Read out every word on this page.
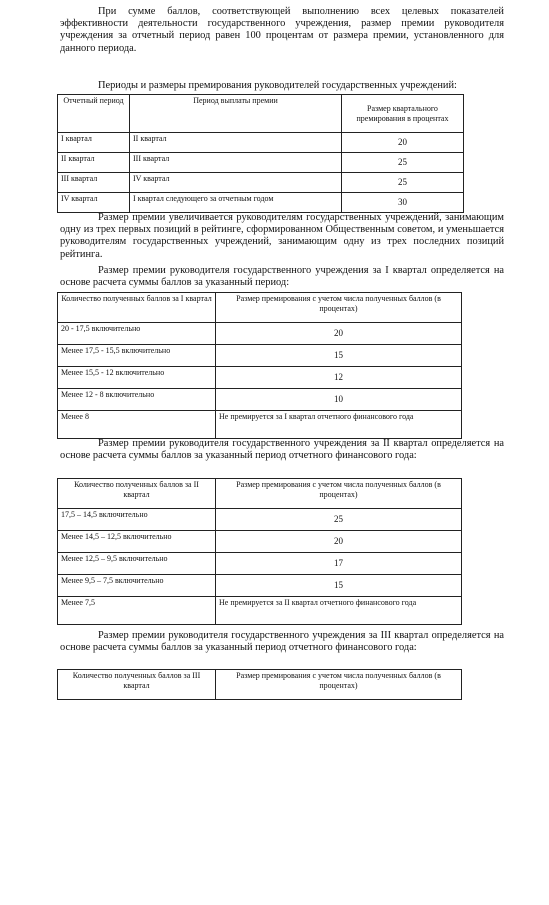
При сумме баллов, соответствующей выполнению всех целевых показателей эффективности деятельности государственного учреждения, размер премии руководителя учреждения за отчетный период равен 100 процентам от размера премии, установленного для данного периода.

Периоды и размеры премирования руководителей государственных учреждений:

Отчетный период	Период выплаты премии	Размер квартального премирования в процентах
I квартал	II квартал	20
II квартал	III квартал	25
III квартал	IV квартал	25
IV квартал	I квартал следующего за отчетным годом	30

Размер премии увеличивается руководителям государственных учреждений, занимающим одну из трех первых позиций в рейтинге, сформированном Общественным советом, и уменьшается руководителям государственных учреждений, занимающим одну из трех последних позиций рейтинга.

Размер премии руководителя государственного учреждения за I квартал определяется на основе расчета суммы баллов за указанный период:

Количество полученных баллов за I квартал	Размер премирования с учетом числа полученных баллов (в процентах)
20 - 17,5 включительно	20
Менее 17,5 - 15,5 включительно	15
Менее 15,5 - 12 включительно	12
Менее 12 - 8 включительно	10
Менее 8	Не премируется за I квартал отчетного финансового года

Размер премии руководителя государственного учреждения за II квартал определяется на основе расчета суммы баллов за указанный период отчетного финансового года:

Количество полученных баллов за II квартал	Размер премирования с учетом числа полученных баллов (в процентах)
17,5 – 14,5 включительно	25
Менее 14,5 – 12,5 включительно	20
Менее 12,5 – 9,5 включительно	17
Менее 9,5 – 7,5 включительно	15
Менее 7,5	Не премируется за II квартал отчетного финансового года

Размер премии руководителя государственного учреждения за III квартал определяется на основе расчета суммы баллов за указанный период отчетного финансового года:

Количество полученных баллов за III квартал	Размер премирования с учетом числа полученных баллов (в процентах)
